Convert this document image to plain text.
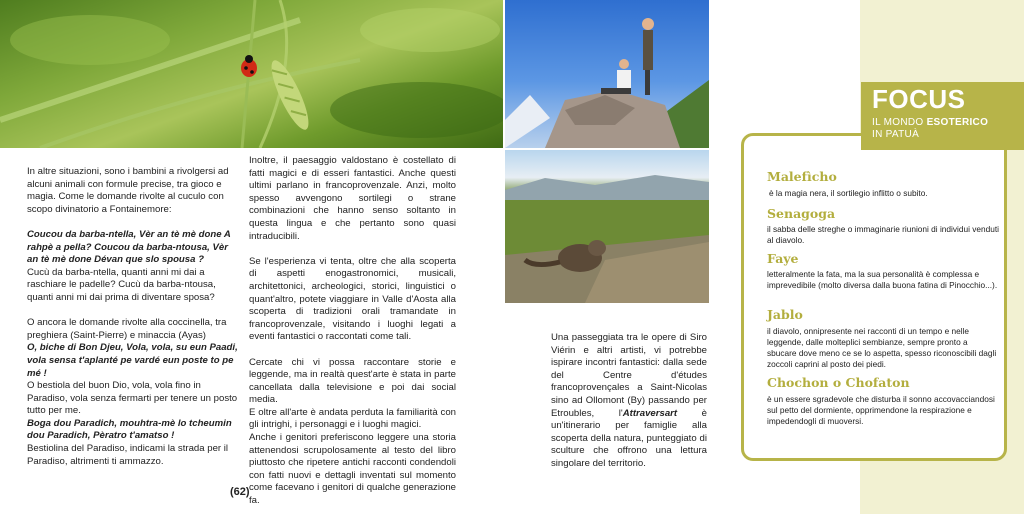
In altre situazioni, sono i bambini a rivolgersi ad alcuni animali con formule precise, tra gioco e magia. Come le domande rivolte al cuculo con scopo divinatorio a Fontainemore:

Coucou da barba-ntella, Vèr an tè mè done A rahpè a pella? Coucou da barba-ntousa, Vèr an tè mè done Dévan que slo spousa ?
Cucù da barba-ntella, quanti anni mi dai a raschiare le padelle? Cucù da barba-ntousa, quanti anni mi dai prima di diventare sposa?

O ancora le domande rivolte alla coccinella, tra preghiera (Saint-Pierre) e minaccia (Ayas)
O, biche di Bon Djeu, Vola, vola, su eun Paadi, vola sensa t'aplanté pe vardé eun poste to pe mé !
O bestiola del buon Dio, vola, vola fino in Paradiso, vola senza fermarti per tenere un posto tutto per me.
Boga dou Paradich, mouhtra-mè lo tcheumin dou Paradich, Pèratro t'amatso !
Bestiolina del Paradiso, indicami la strada per il Paradiso, altrimenti ti ammazzo.

Inoltre, il paesaggio valdostano è costellato di fatti magici e di esseri fantastici. Anche questi ultimi parlano in francoprovenzale. Anzi, molto spesso avvengono sortilegi o strane combinazioni che hanno senso soltanto in questa lingua e che pertanto sono quasi intraducibili.

Se l'esperienza vi tenta, oltre che alla scoperta di aspetti enogastronomici, musicali, architettonici, archeologici, storici, linguistici o quant'altro, potete viaggiare in Valle d'Aosta alla scoperta di tradizioni orali tramandate in francoprovenzale, visitando i luoghi legati a eventi fantastici o raccontati come tali.

Cercate chi vi possa raccontare storie e leggende, ma in realtà quest'arte è stata in parte cancellata dalla televisione e poi dai social media.

E oltre all'arte è andata perduta la familiarità con gli intrighi, i personaggi e i luoghi magici.

Anche i genitori preferiscono leggere una storia attenendosi scrupolosamente al testo del libro piuttosto che ripetere antichi racconti condendoli con fatti nuovi e dettagli inventati sul momento come facevano i genitori di qualche generazione fa.

Una passeggiata tra le opere di Siro Viérin e altri artisti, vi potrebbe ispirare incontri fantastici: dalla sede del Centre d'études francoprovençales a Saint-Nicolas sino ad Ollomont (By) passando per Etroubles, l'Attraversart è un'itinerario per famiglie alla scoperta della natura, punteggiato di sculture che offrono una lettura singolare del territorio.

(62)
FOCUS
IL MONDO ESOTERICO
IN PATUÀ
Malefìcho
è la magia nera, il sortilegio inflitto o subito.
Senagoga
il sabba delle streghe o immaginarie riunioni di individui venduti al diavolo.
Faye
letteralmente la fata, ma la sua personalità è complessa e imprevedibile (molto diversa dalla buona fatina di Pinocchio...).
Jablo
il diavolo, onnipresente nei racconti di un tempo e nelle leggende, dalle molteplici sembianze, sempre pronto a sbucare dove meno ce se lo aspetta, spesso riconoscibili dagli zoccoli caprini al posto dei piedi.
Chochon o Chofaton
è un essere sgradevole che disturba il sonno accovacciandosi sul petto del dormiente, opprimendone la respirazione e impedendogli di muoversi.
